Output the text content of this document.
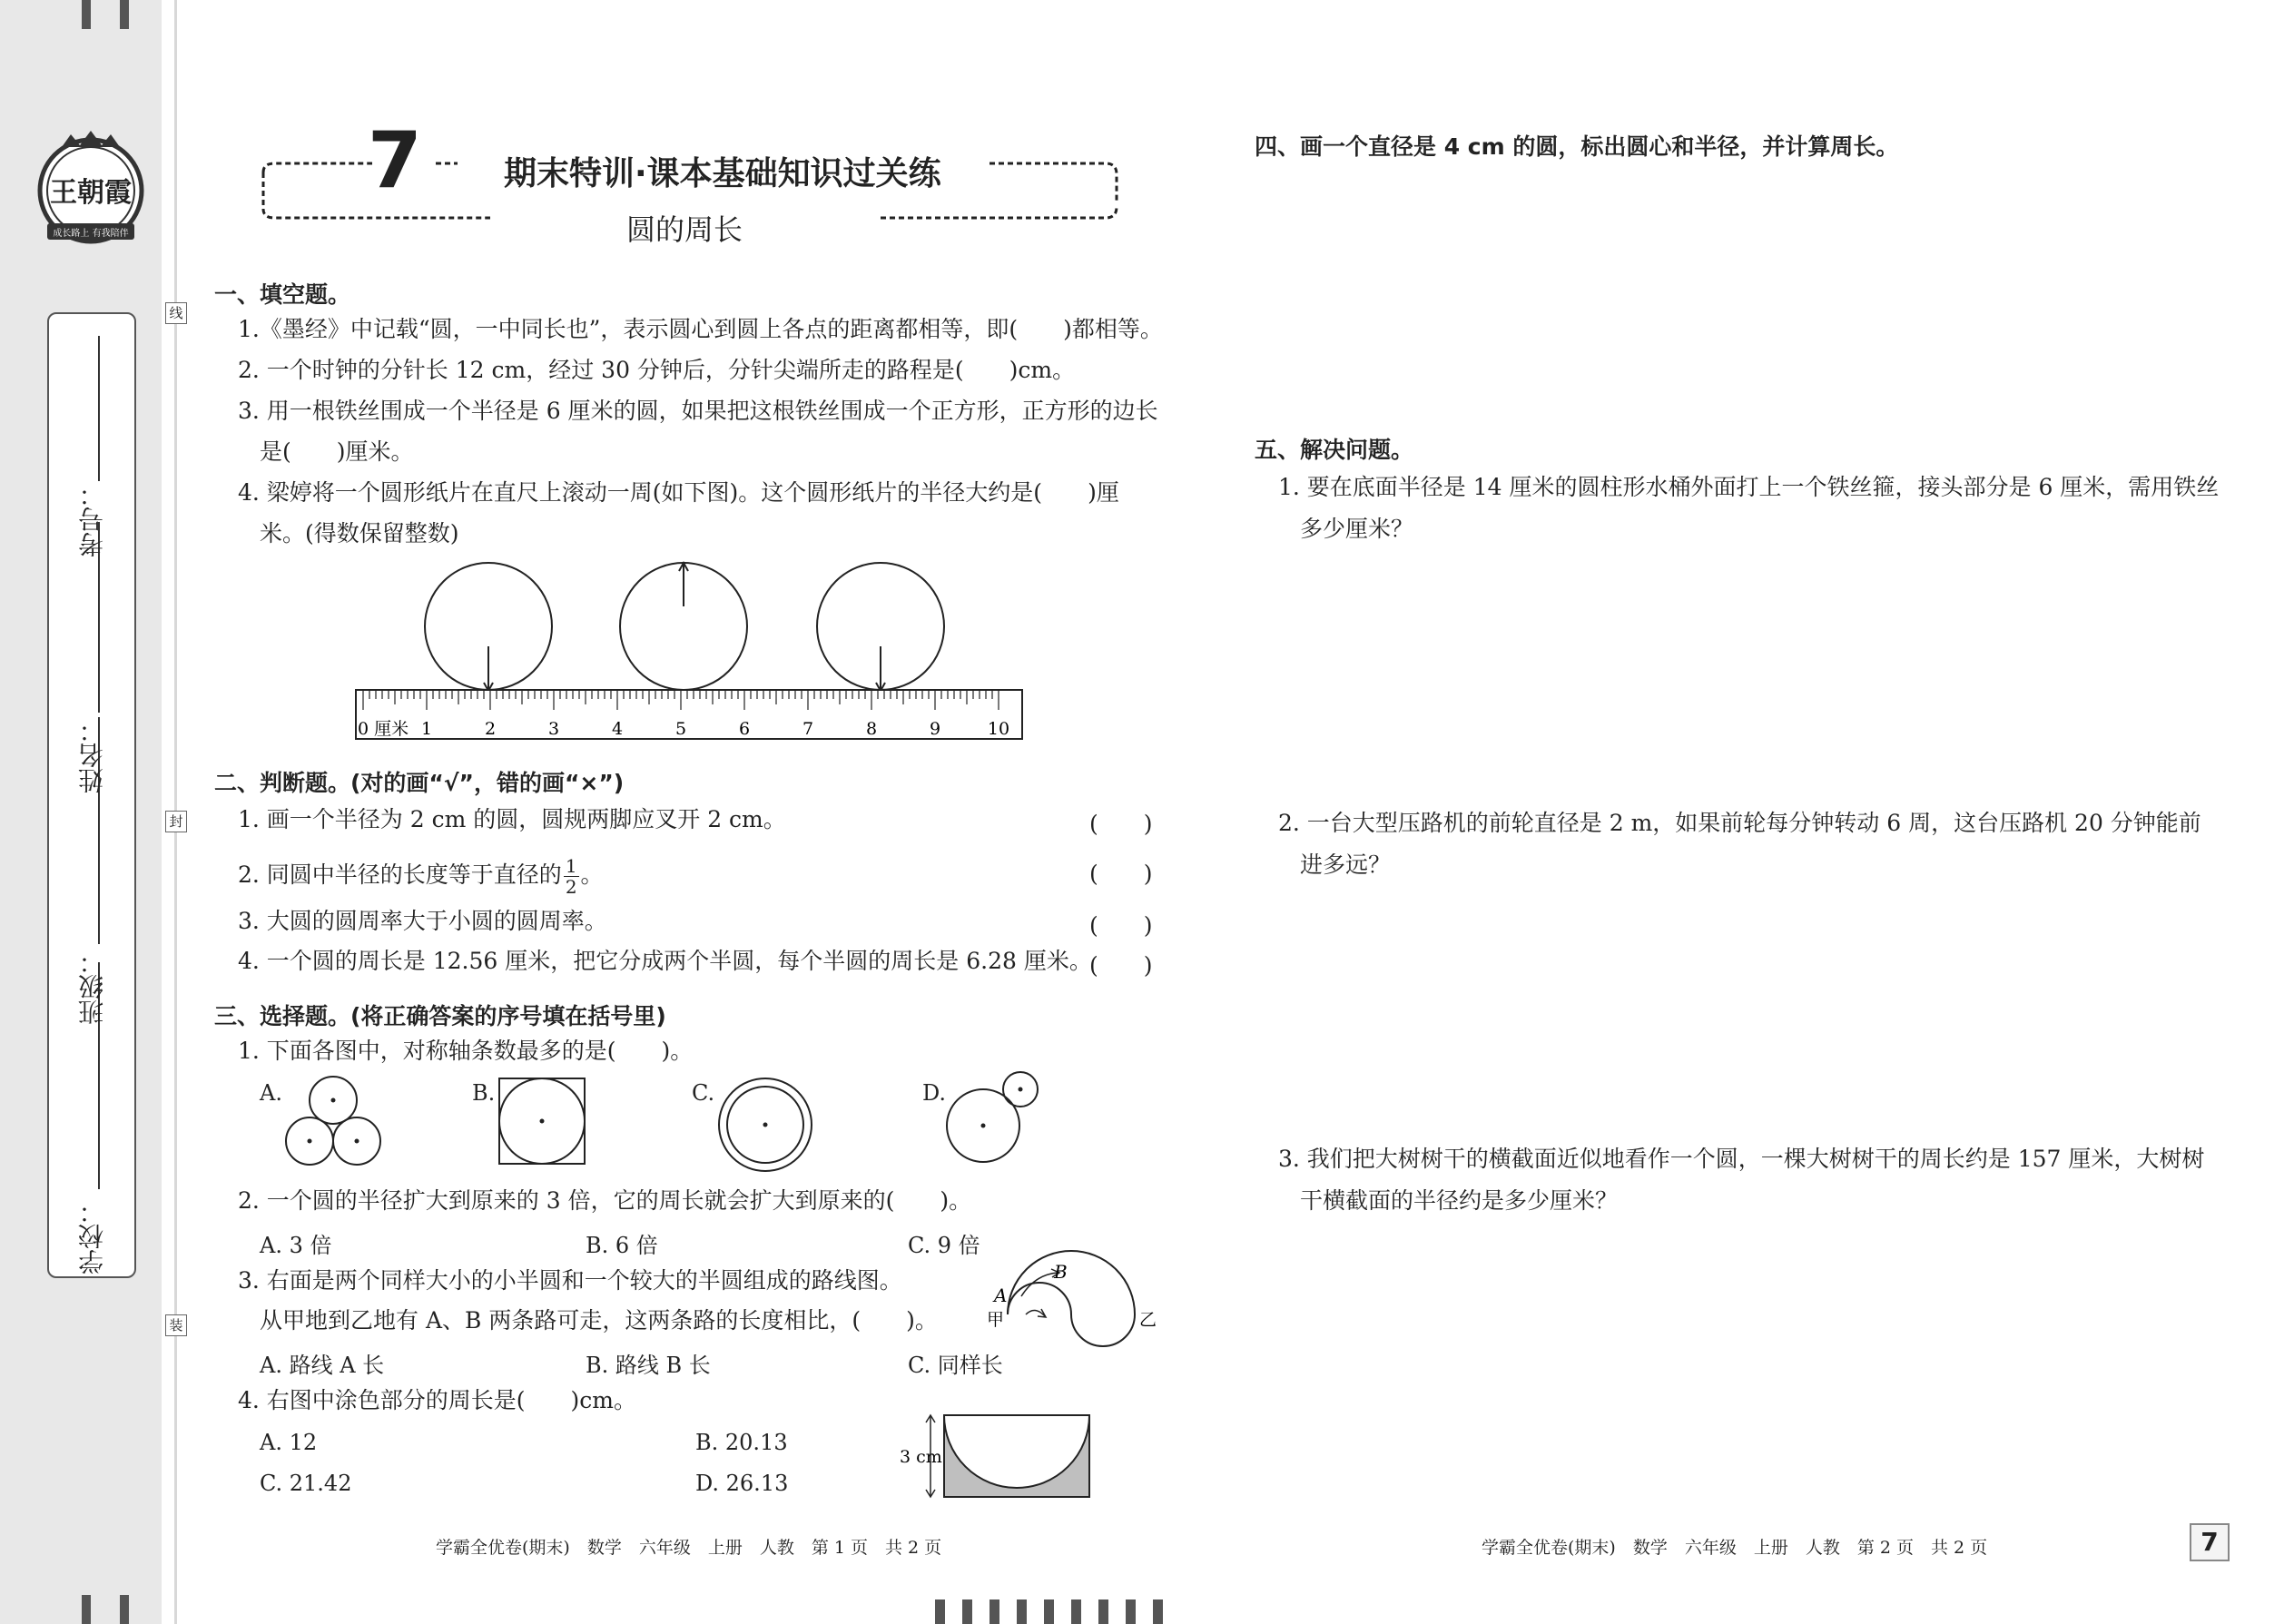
王朝霞
成长路上 有我陪伴
学校：
班级：
姓名：
考号：
线
封
装
7	期末特训·课本基础知识过关练
圆的周长
一、填空题。
1.《墨经》中记载“圆，一中同长也”，表示圆心到圆上各点的距离都相等，即(　　)都相等。
2. 一个时钟的分针长 12 cm，经过 30 分钟后，分针尖端所走的路程是(　　)cm。
3. 用一根铁丝围成一个半径是 6 厘米的圆，如果把这根铁丝围成一个正方形，正方形的边长
是(　　)厘米。
4. 梁婷将一个圆形纸片在直尺上滚动一周(如下图)。这个圆形纸片的半径大约是(　　)厘
米。(得数保留整数)
0 厘米 1	2	3	4	5	6	7	8	9	10
二、判断题。(对的画“√”，错的画“×”)
1. 画一个半径为 2 cm 的圆，圆规两脚应叉开 2 cm。	(　　)
2. 同圆中半径的长度等于直径的 $\frac{1}{2}$ 。	(　　)
3. 大圆的圆周率大于小圆的圆周率。	(　　)
4. 一个圆的周长是 12.56 厘米，把它分成两个半圆，每个半圆的周长是 6.28 厘米。
(　　)
三、选择题。(将正确答案的序号填在括号里)
1. 下面各图中，对称轴条数最多的是(　　)。
A.	B.	C.	D.
2. 一个圆的半径扩大到原来的 3 倍，它的周长就会扩大到原来的(　　)。
A. 3 倍	B. 6 倍	C. 9 倍
3. 右面是两个同样大小的小半圆和一个较大的半圆组成的路线图。
从甲地到乙地有 A、B 两条路可走，这两条路的长度相比，(　　)。
A
B
甲	乙
A. 路线 A 长	B. 路线 B 长	C. 同样长
4. 右图中涂色部分的周长是(　　)cm。
A. 12	B. 20.13
C. 21.42	D. 26.13
3 cm
四、画一个直径是 4 cm 的圆，标出圆心和半径，并计算周长。
五、解决问题。
1. 要在底面半径是 14 厘米的圆柱形水桶外面打上一个铁丝箍，接头部分是 6 厘米，需用铁丝
多少厘米？
2. 一台大型压路机的前轮直径是 2 m，如果前轮每分钟转动 6 周，这台压路机 20 分钟能前
进多远？
3. 我们把大树树干的横截面近似地看作一个圆，一棵大树树干的周长约是 157 厘米，大树树
干横截面的半径约是多少厘米？
学霸全优卷(期末)　数学　六年级　上册　人教　第 1 页　共 2 页	学霸全优卷(期末)　数学　六年级　上册　人教　第 2 页　共 2 页	7
